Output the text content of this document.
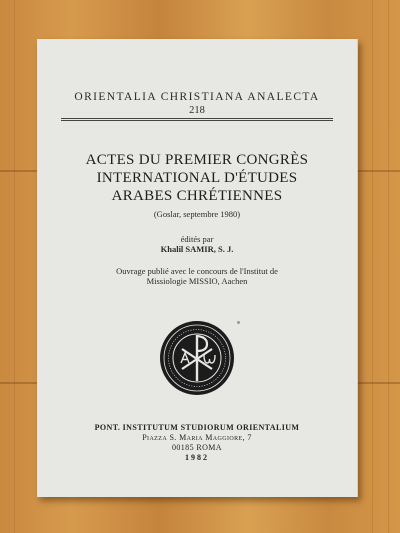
ORIENTALIA CHRISTIANA ANALECTA
218
ACTES DU PREMIER CONGRÈS
INTERNATIONAL D'ÉTUDES
ARABES CHRÉTIENNES
(Goslar, septembre 1980)
édités par
Khalil SAMIR, S. J.
Ouvrage publié avec le concours de l'Institut de
Missiologie MISSIO, Aachen
PONT. INSTITUTUM STUDIORUM ORIENTALIUM
Piazza S. Maria Maggiore, 7
00185 ROMA
1982
